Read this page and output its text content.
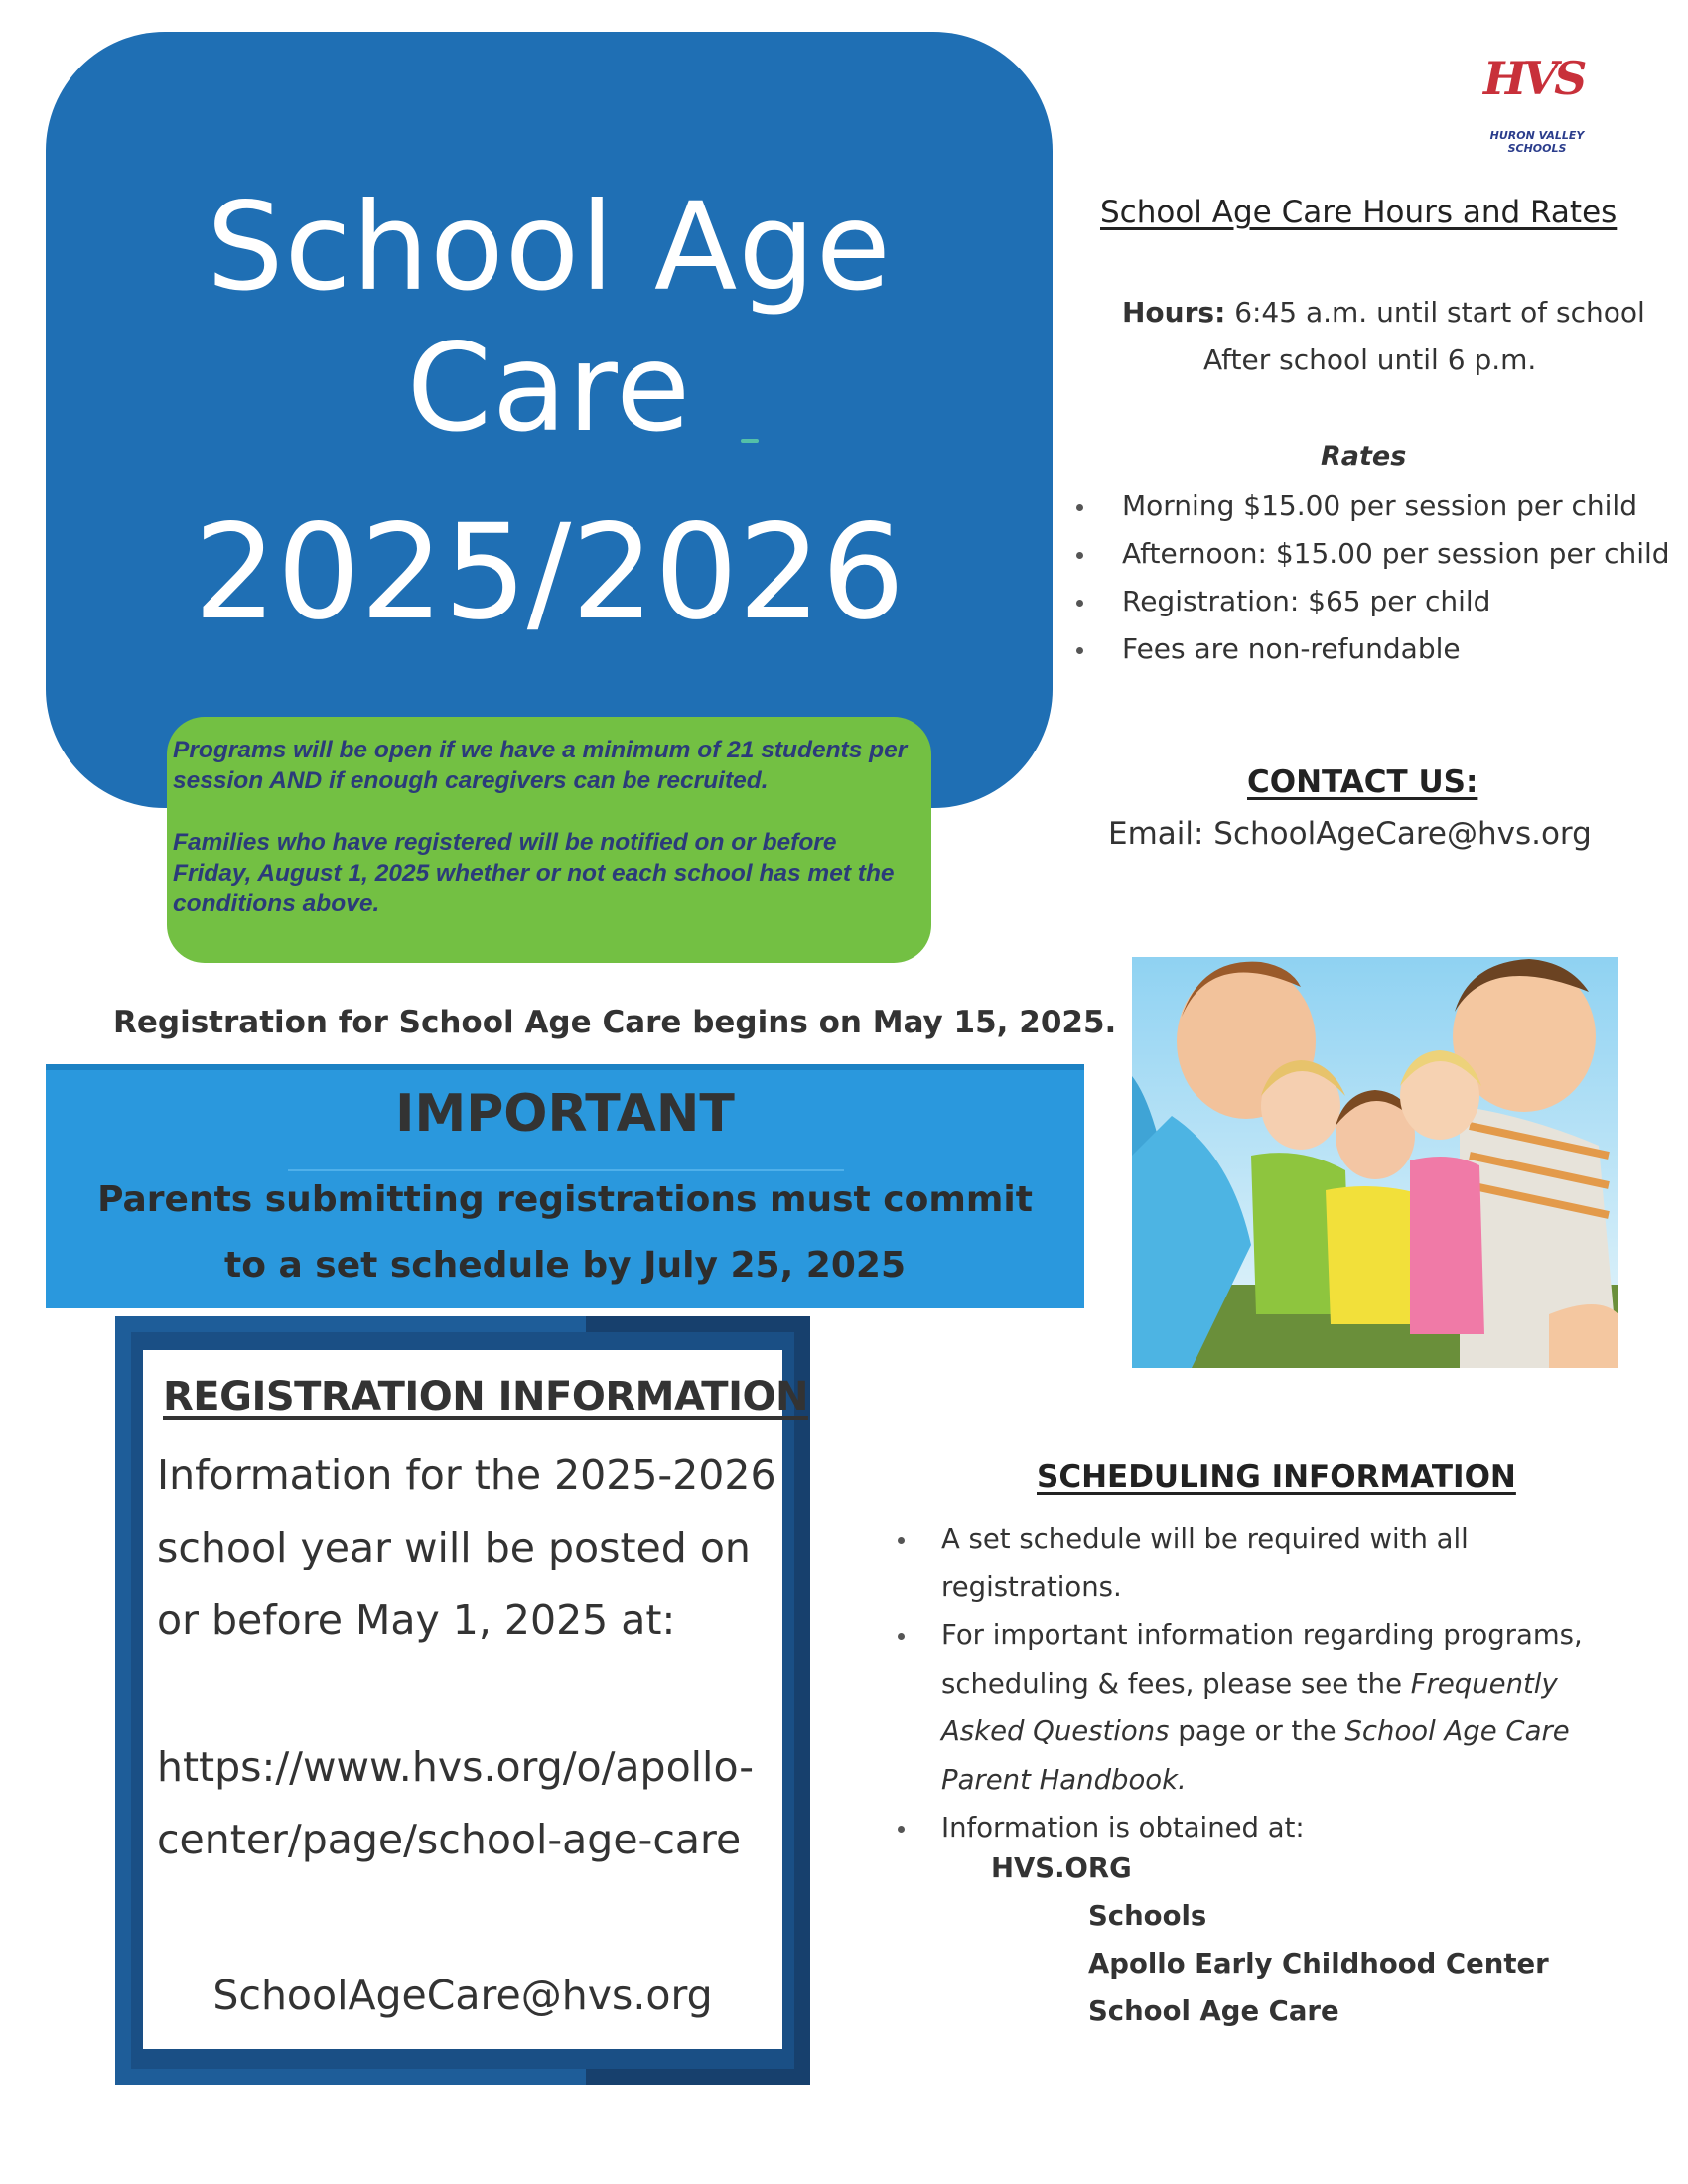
School Age Care
2025/2026

Programs will be open if we have a minimum of 21 students per session AND if enough caregivers can be recruited.

Families who have registered will be notified on or before Friday, August 1, 2025 whether or not each school has met the conditions above.

HVS
HURON VALLEY SCHOOLS
School Age Care Hours and Rates
Hours: 6:45 a.m. until start of school
After school until 6 p.m.
Rates
Morning $15.00 per session per child
Afternoon: $15.00 per session per child
Registration: $65 per child
Fees are non-refundable
CONTACT US:
Email: SchoolAgeCare@hvs.org
Registration for School Age Care begins on May 15, 2025.
IMPORTANT
Parents submitting registrations must commit to a set schedule by July 25, 2025
REGISTRATION INFORMATION
Information for the 2025-2026 school year will be posted on or before May 1, 2025 at:
https://www.hvs.org/o/apollo-
center/page/school-age-care
SchoolAgeCare@hvs.org
SCHEDULING INFORMATION
A set schedule will be required with all registrations.
For important information regarding programs, scheduling & fees, please see the Frequently Asked Questions page or the School Age Care Parent Handbook.
Information is obtained at:
HVS.ORG
Schools
Apollo Early Childhood Center
School Age Care
